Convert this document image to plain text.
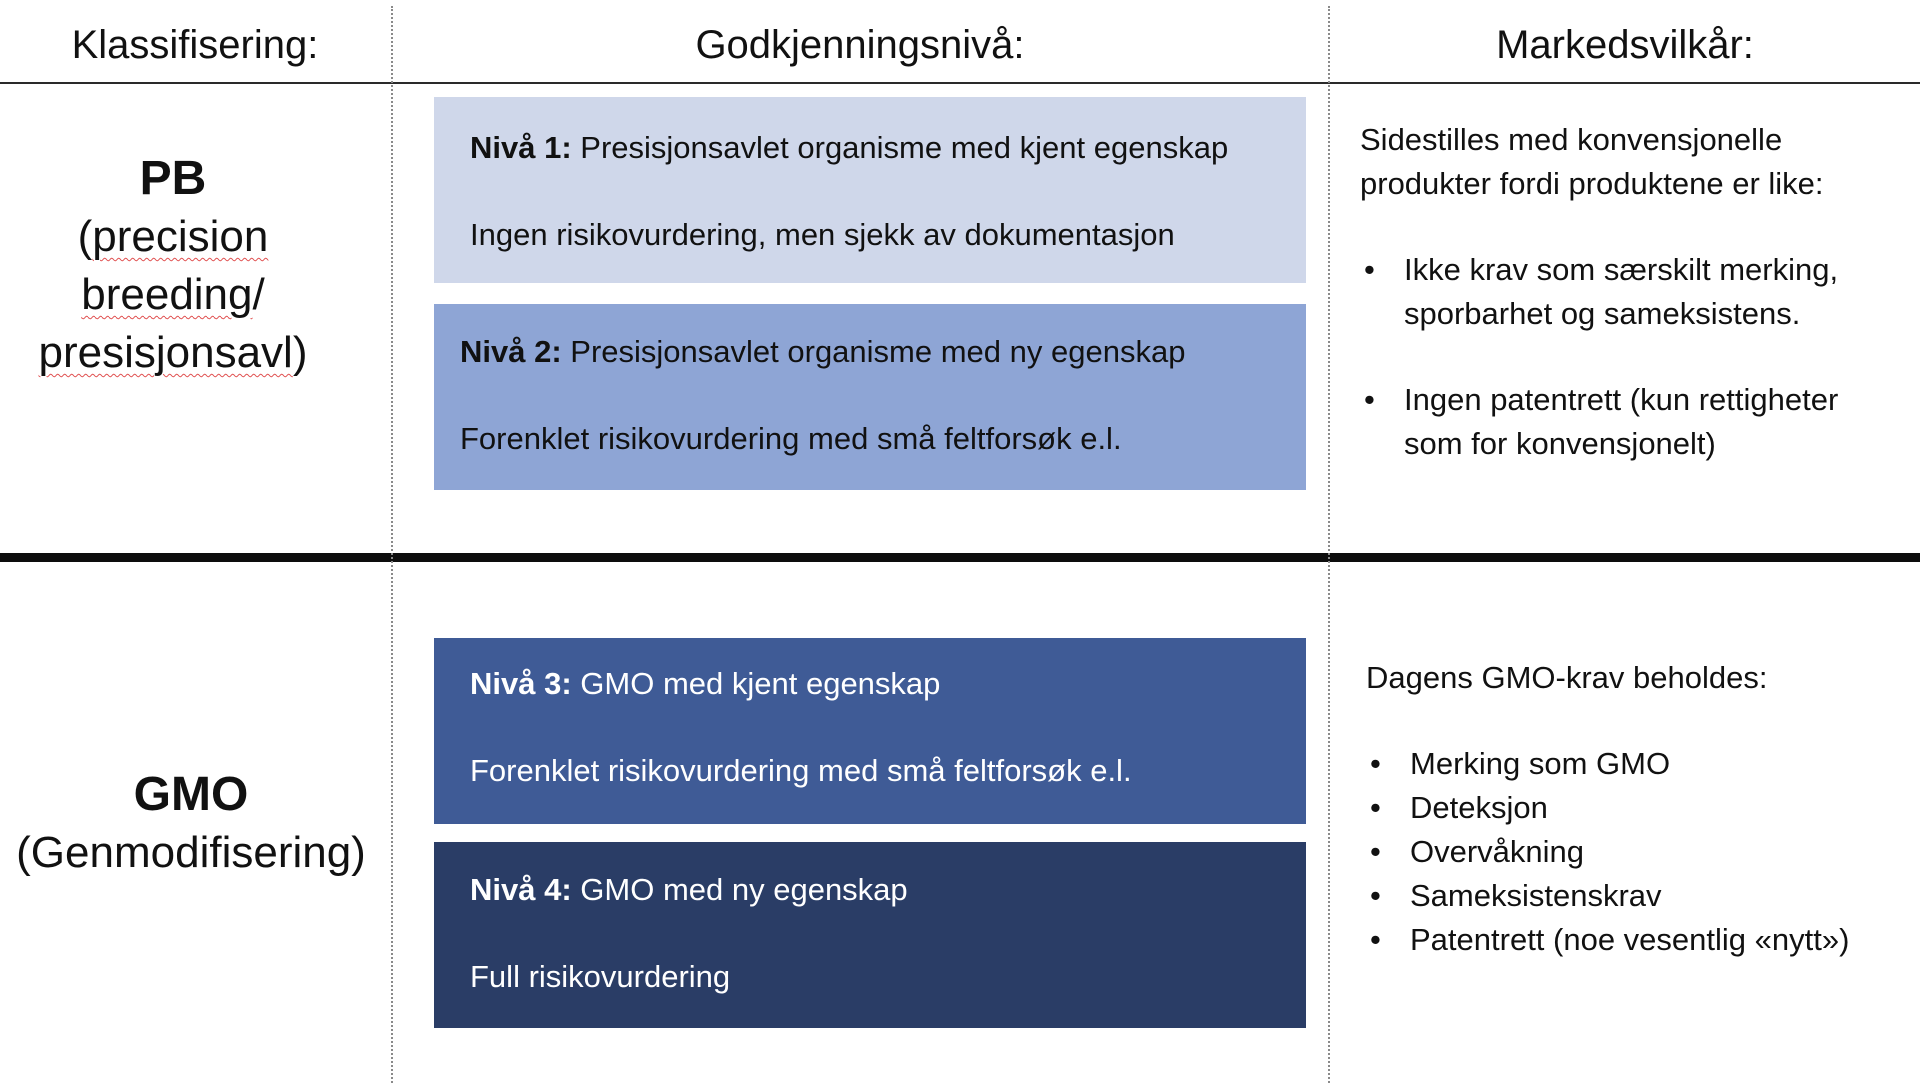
Klassifisering:	Godkjenningsnivå:	Markedsvilkår:
PB
(precision
breeding/
presisjonsavl)
GMO
(Genmodifisering)
Nivå 1: Presisjonsavlet organisme med kjent egenskap
Ingen risikovurdering, men sjekk av dokumentasjon
Nivå 2: Presisjonsavlet organisme med ny egenskap
Forenklet risikovurdering med små feltforsøk e.l.
Nivå 3: GMO med kjent egenskap
Forenklet risikovurdering med små feltforsøk e.l.
Nivå 4: GMO med ny egenskap
Full risikovurdering
Sidestilles med konvensjonelle
produkter fordi produktene er like:
• Ikke krav som særskilt merking,
sporbarhet og sameksistens.
• Ingen patentrett (kun rettigheter
som for konvensjonelt)
Dagens GMO-krav beholdes:
• Merking som GMO
• Deteksjon
• Overvåkning
• Sameksistenskrav
• Patentrett (noe vesentlig «nytt»)
